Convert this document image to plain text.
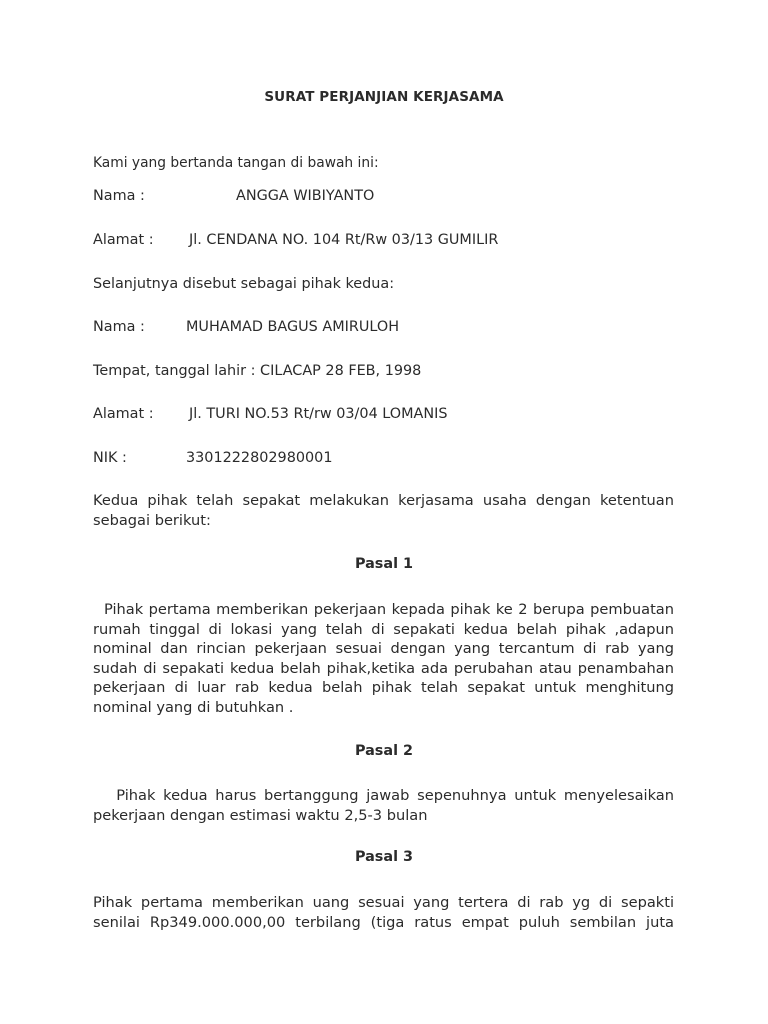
SURAT PERJANJIAN KERJASAMA
Kami yang bertanda tangan di bawah ini:
Nama :	ANGGA WIBIYANTO
Alamat : Jl. CENDANA NO. 104 Rt/Rw 03/13 GUMILIR
Selanjutnya disebut sebagai pihak kedua:
Nama :	MUHAMAD BAGUS AMIRULOH
Tempat, tanggal lahir : CILACAP 28 FEB, 1998
Alamat : Jl. TURI NO.53 Rt/rw 03/04 LOMANIS
NIK :	3301222802980001
Kedua pihak telah sepakat melakukan kerjasama usaha dengan ketentuan sebagai berikut:
Pasal 1
Pihak pertama memberikan pekerjaan kepada pihak ke 2 berupa pembuatan rumah tinggal di lokasi yang telah di sepakati kedua belah pihak ,adapun nominal dan rincian pekerjaan sesuai dengan yang tercantum di rab yang sudah di sepakati kedua belah pihak,ketika ada perubahan atau penambahan pekerjaan di luar rab kedua belah pihak telah sepakat untuk menghitung nominal yang di butuhkan .
Pasal 2
Pihak kedua harus bertanggung jawab sepenuhnya untuk menyelesaikan pekerjaan dengan estimasi waktu 2,5-3 bulan
Pasal 3
Pihak pertama memberikan uang sesuai yang tertera di rab yg di sepakti senilai Rp349.000.000,00 terbilang (tiga ratus empat puluh sembilan juta
